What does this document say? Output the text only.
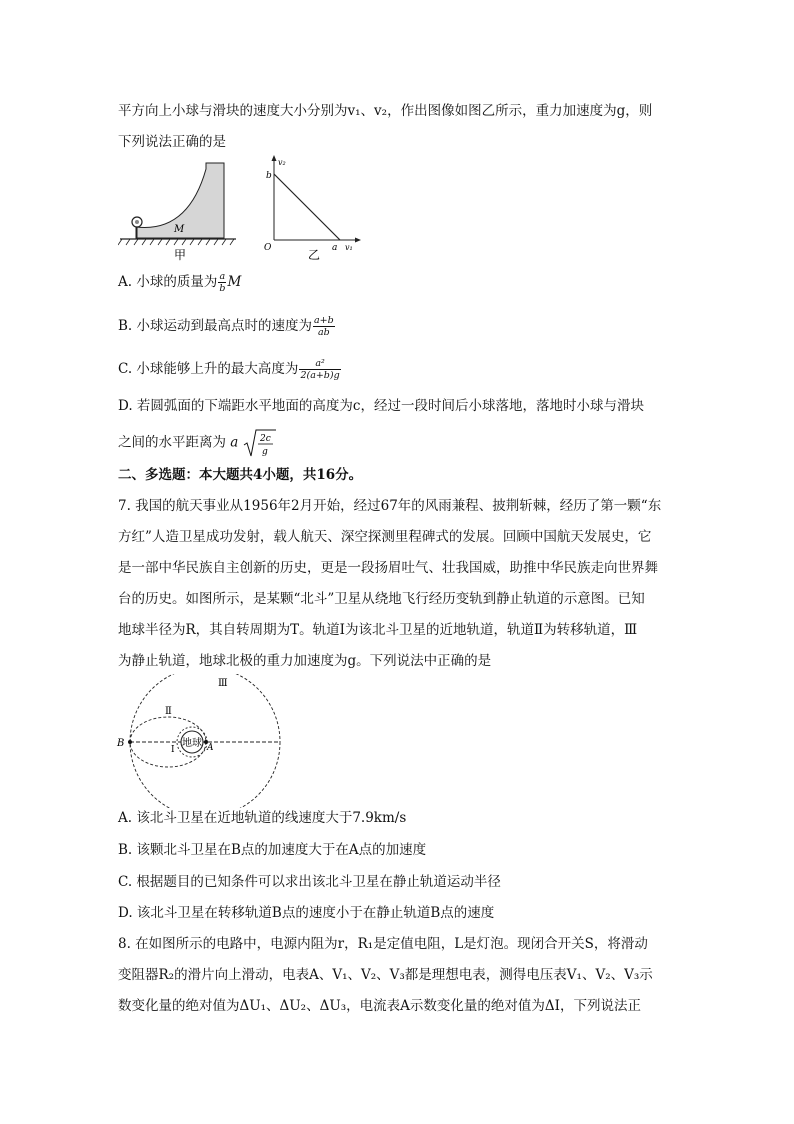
平方向上小球与滑块的速度大小分别为v₁、v₂，作出图像如图乙所示，重力加速度为g，则
下列说法正确的是
M
甲
v₂
v₁
b
a
O	乙
A. 小球的质量为 $\frac{a}{b}$ M
B. 小球运动到最高点时的速度为 $\frac{a+b}{ab}$
C. 小球能够上升的最大高度为 $\frac{\text{a²}}{2(a+b)g}$
D. 若圆弧面的下端距水平地面的高度为c，经过一段时间后小球落地，落地时小球与滑块
之间的水平距离为 a 2c
g
二、多选题：本大题共4小题，共16分。
7. 我国的航天事业从1956年2月开始，经过67年的风雨兼程、披荆斩棘，经历了第一颗“东
方红”人造卫星成功发射，载人航天、深空探测里程碑式的发展。回顾中国航天发展史，它
是一部中华民族自主创新的历史，更是一段扬眉吐气、壮我国威，助推中华民族走向世界舞
台的历史。如图所示，是某颗“北斗”卫星从绕地飞行经历变轨到静止轨道的示意图。已知
地球半径为R，其自转周期为T。轨道Ⅰ为该北斗卫星的近地轨道，轨道Ⅱ为转移轨道，Ⅲ
为静止轨道，地球北极的重力加速度为g。下列说法中正确的是
地球
B	A
Ⅲ
Ⅱ
Ⅰ
A. 该北斗卫星在近地轨道的线速度大于7.9km/s
B. 该颗北斗卫星在B点的加速度大于在A点的加速度
C. 根据题目的已知条件可以求出该北斗卫星在静止轨道运动半径
D. 该北斗卫星在转移轨道B点的速度小于在静止轨道B点的速度
8. 在如图所示的电路中，电源内阻为r，R₁是定值电阻，L是灯泡。现闭合开关S，将滑动
变阻器R₂的滑片向上滑动，电表A、V₁、V₂、V₃都是理想电表，测得电压表V₁、V₂、V₃示
数变化量的绝对值为ΔU₁、ΔU₂、ΔU₃，电流表A示数变化量的绝对值为ΔI，下列说法正
